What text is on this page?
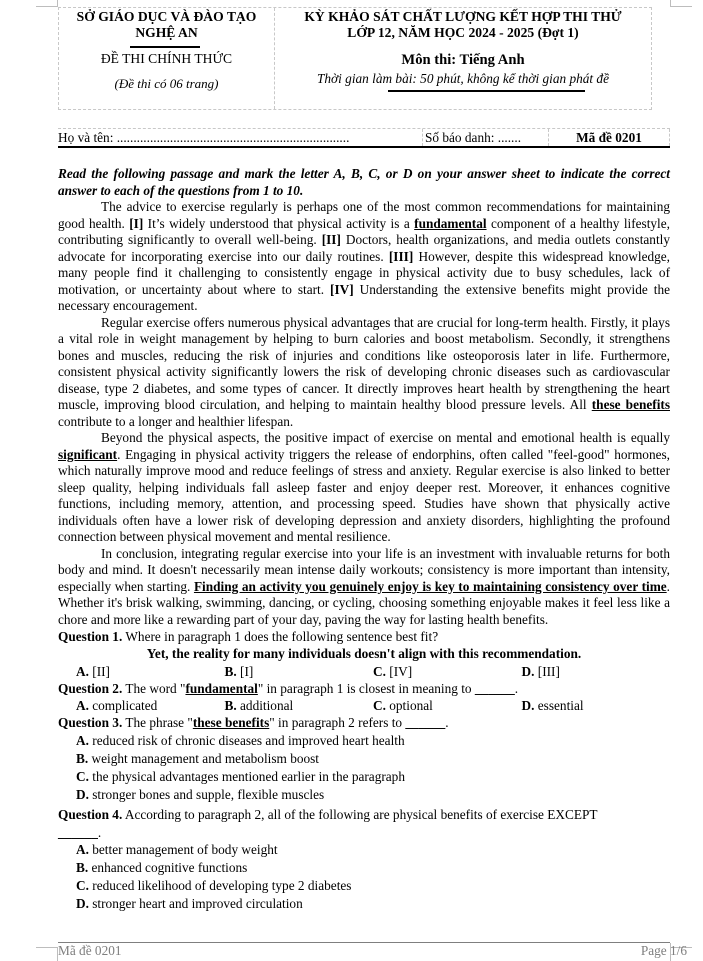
SỞ GIÁO DỤC VÀ ĐÀO TẠO
NGHỆ AN
ĐỀ THI CHÍNH THỨC
(Đề thi có 06 trang)
KỲ KHẢO SÁT CHẤT LƯỢNG KẾT HỢP THI THỬ
LỚP 12, NĂM HỌC 2024 - 2025 (Đợt 1)
Môn thi: Tiếng Anh
Thời gian làm bài: 50 phút, không kể thời gian phát đề
Họ và tên: ......................................................................	Số báo danh: .......	Mã đề 0201

Read the following passage and mark the letter A, B, C, or D on your answer sheet to indicate the correct answer to each of the questions from 1 to 10.

The advice to exercise regularly is perhaps one of the most common recommendations for maintaining good health. [I] It’s widely understood that physical activity is a fundamental component of a healthy lifestyle, contributing significantly to overall well-being. [II] Doctors, health organizations, and media outlets constantly advocate for incorporating exercise into our daily routines. [III] However, despite this widespread knowledge, many people find it challenging to consistently engage in physical activity due to busy schedules, lack of motivation, or uncertainty about where to start. [IV] Understanding the extensive benefits might provide the necessary encouragement.

Regular exercise offers numerous physical advantages that are crucial for long-term health. Firstly, it plays a vital role in weight management by helping to burn calories and boost metabolism. Secondly, it strengthens bones and muscles, reducing the risk of injuries and conditions like osteoporosis later in life. Furthermore, consistent physical activity significantly lowers the risk of developing chronic diseases such as cardiovascular disease, type 2 diabetes, and some types of cancer. It directly improves heart health by strengthening the heart muscle, improving blood circulation, and helping to maintain healthy blood pressure levels. All these benefits contribute to a longer and healthier lifespan.

Beyond the physical aspects, the positive impact of exercise on mental and emotional health is equally significant. Engaging in physical activity triggers the release of endorphins, often called "feel-good" hormones, which naturally improve mood and reduce feelings of stress and anxiety. Regular exercise is also linked to better sleep quality, helping individuals fall asleep faster and enjoy deeper rest. Moreover, it enhances cognitive functions, including memory, attention, and processing speed. Studies have shown that physically active individuals often have a lower risk of developing depression and anxiety disorders, highlighting the profound connection between physical movement and mental resilience.

In conclusion, integrating regular exercise into your life is an investment with invaluable returns for both body and mind. It doesn't necessarily mean intense daily workouts; consistency is more important than intensity, especially when starting. Finding an activity you genuinely enjoy is key to maintaining consistency over time. Whether it's brisk walking, swimming, dancing, or cycling, choosing something enjoyable makes it feel less like a chore and more like a rewarding part of your day, paving the way for lasting health benefits.

Question 1. Where in paragraph 1 does the following sentence best fit?

Yet, the reality for many individuals doesn't align with this recommendation.
A. [II]	B. [I]	C. [IV]	D. [III]

Question 2. The word "fundamental" in paragraph 1 is closest in meaning to ______.

A. complicated	B. additional	C. optional	D. essential

Question 3. The phrase "these benefits" in paragraph 2 refers to ______.

A. reduced risk of chronic diseases and improved heart health
B. weight management and metabolism boost
C. the physical advantages mentioned earlier in the paragraph
D. stronger bones and supple, flexible muscles

Question 4. According to paragraph 2, all of the following are physical benefits of exercise EXCEPT

______.

A. better management of body weight
B. enhanced cognitive functions
C. reduced likelihood of developing type 2 diabetes
D. stronger heart and improved circulation
Mã đề 0201	Page 1/6
